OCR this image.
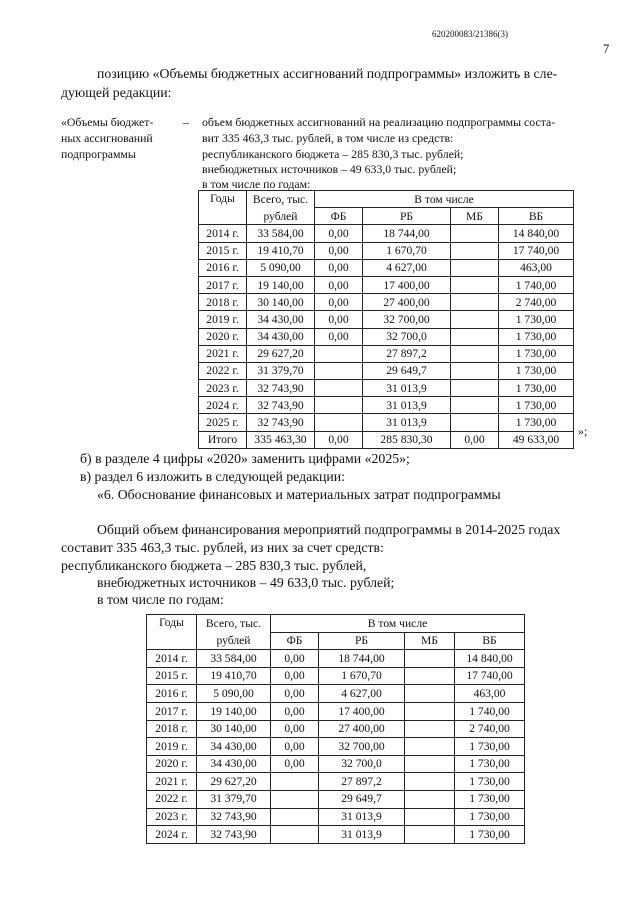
620200083/21386(3)
7
позицию «Объемы бюджетных ассигнований подпрограммы» изложить в сле-
дующей редакции:
«Объемы бюджет-
ных ассигнований
подпрограммы
– объем бюджетных ассигнований на реализацию подпрограммы соста-
вит 335 463,3 тыс. рублей, в том числе из средств:
республиканского бюджета – 285 830,3 тыс. рублей;
внебюджетных источников – 49 633,0 тыс. рублей;
в том числе по годам:
Годы	Всего, тыс.	В том числе			
	рублей	ФБ	РБ	МБ	ВБ
2014 г.	33 584,00	0,00	18 744,00		14 840,00
2015 г.	19 410,70	0,00	1 670,70		17 740,00
2016 г.	5 090,00	0,00	4 627,00		463,00
2017 г.	19 140,00	0,00	17 400,00		1 740,00
2018 г.	30 140,00	0,00	27 400,00		2 740,00
2019 г.	34 430,00	0,00	32 700,00		1 730,00
2020 г.	34 430,00	0,00	32 700,0		1 730,00
2021 г.	29 627,20		27 897,2		1 730,00
2022 г.	31 379,70		29 649,7		1 730,00
2023 г.	32 743,90		31 013,9		1 730,00
2024 г.	32 743,90		31 013,9		1 730,00
2025 г.	32 743,90		31 013,9		1 730,00
Итого	335 463,30	0,00	285 830,30	0,00	49 633,00
»;
б) в разделе 4 цифры «2020» заменить цифрами «2025»;
в) раздел 6 изложить в следующей редакции:
«6. Обоснование финансовых и материальных затрат подпрограммы
Общий объем финансирования мероприятий подпрограммы в 2014-2025 годах
составит 335 463,3 тыс. рублей, из них за счет средств:
республиканского бюджета – 285 830,3 тыс. рублей,
внебюджетных источников – 49 633,0 тыс. рублей;
в том числе по годам:
Годы	Всего, тыс.	В том числе			
	рублей	ФБ	РБ	МБ	ВБ
2014 г.	33 584,00	0,00	18 744,00		14 840,00
2015 г.	19 410,70	0,00	1 670,70		17 740,00
2016 г.	5 090,00	0,00	4 627,00		463,00
2017 г.	19 140,00	0,00	17 400,00		1 740,00
2018 г.	30 140,00	0,00	27 400,00		2 740,00
2019 г.	34 430,00	0,00	32 700,00		1 730,00
2020 г.	34 430,00	0,00	32 700,0		1 730,00
2021 г.	29 627,20		27 897,2		1 730,00
2022 г.	31 379,70		29 649,7		1 730,00
2023 г.	32 743,90		31 013,9		1 730,00
2024 г.	32 743,90		31 013,9		1 730,00
